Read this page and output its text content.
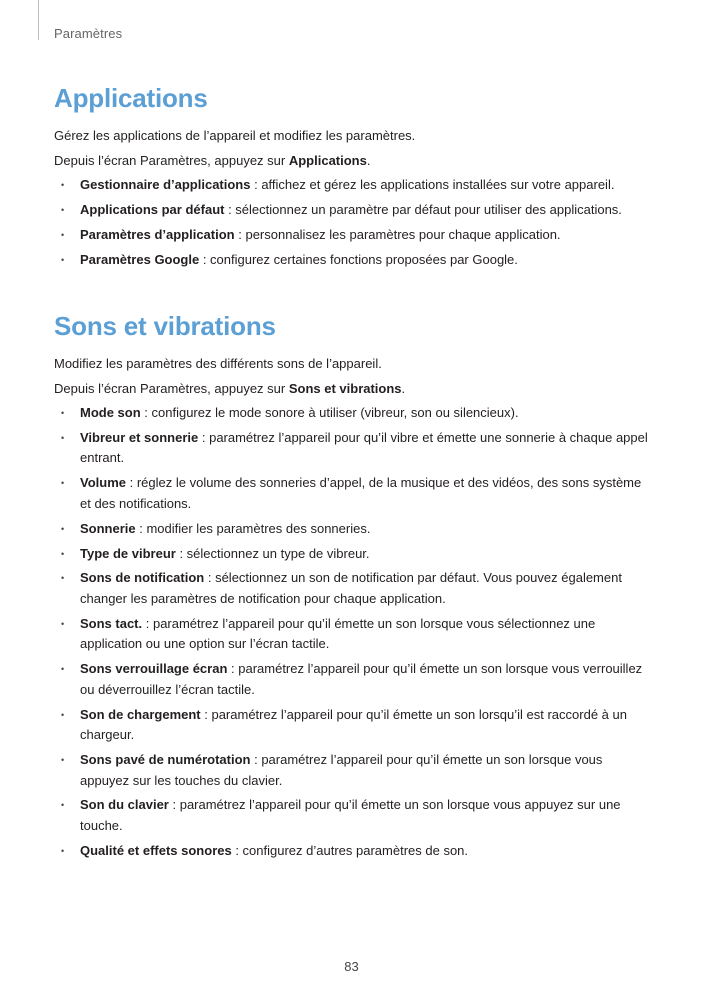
Paramètres
Applications

Gérez les applications de l’appareil et modifiez les paramètres.

Depuis l’écran Paramètres, appuyez sur Applications.

• Gestionnaire d’applications : affichez et gérez les applications installées sur votre appareil.
• Applications par défaut : sélectionnez un paramètre par défaut pour utiliser des applications.
• Paramètres d’application : personnalisez les paramètres pour chaque application.
• Paramètres Google : configurez certaines fonctions proposées par Google.
Sons et vibrations

Modifiez les paramètres des différents sons de l’appareil.

Depuis l’écran Paramètres, appuyez sur Sons et vibrations.

• Mode son : configurez le mode sonore à utiliser (vibreur, son ou silencieux).
• Vibreur et sonnerie : paramétrez l’appareil pour qu’il vibre et émette une sonnerie à chaque appel entrant.
• Volume : réglez le volume des sonneries d’appel, de la musique et des vidéos, des sons système et des notifications.
• Sonnerie : modifier les paramètres des sonneries.
• Type de vibreur : sélectionnez un type de vibreur.
• Sons de notification : sélectionnez un son de notification par défaut. Vous pouvez également changer les paramètres de notification pour chaque application.
• Sons tact. : paramétrez l’appareil pour qu’il émette un son lorsque vous sélectionnez une application ou une option sur l’écran tactile.
• Sons verrouillage écran : paramétrez l’appareil pour qu’il émette un son lorsque vous verrouillez ou déverrouillez l’écran tactile.
• Son de chargement : paramétrez l’appareil pour qu’il émette un son lorsqu’il est raccordé à un chargeur.
• Sons pavé de numérotation : paramétrez l’appareil pour qu’il émette un son lorsque vous appuyez sur les touches du clavier.
• Son du clavier : paramétrez l’appareil pour qu’il émette un son lorsque vous appuyez sur une touche.
• Qualité et effets sonores : configurez d’autres paramètres de son.
83
